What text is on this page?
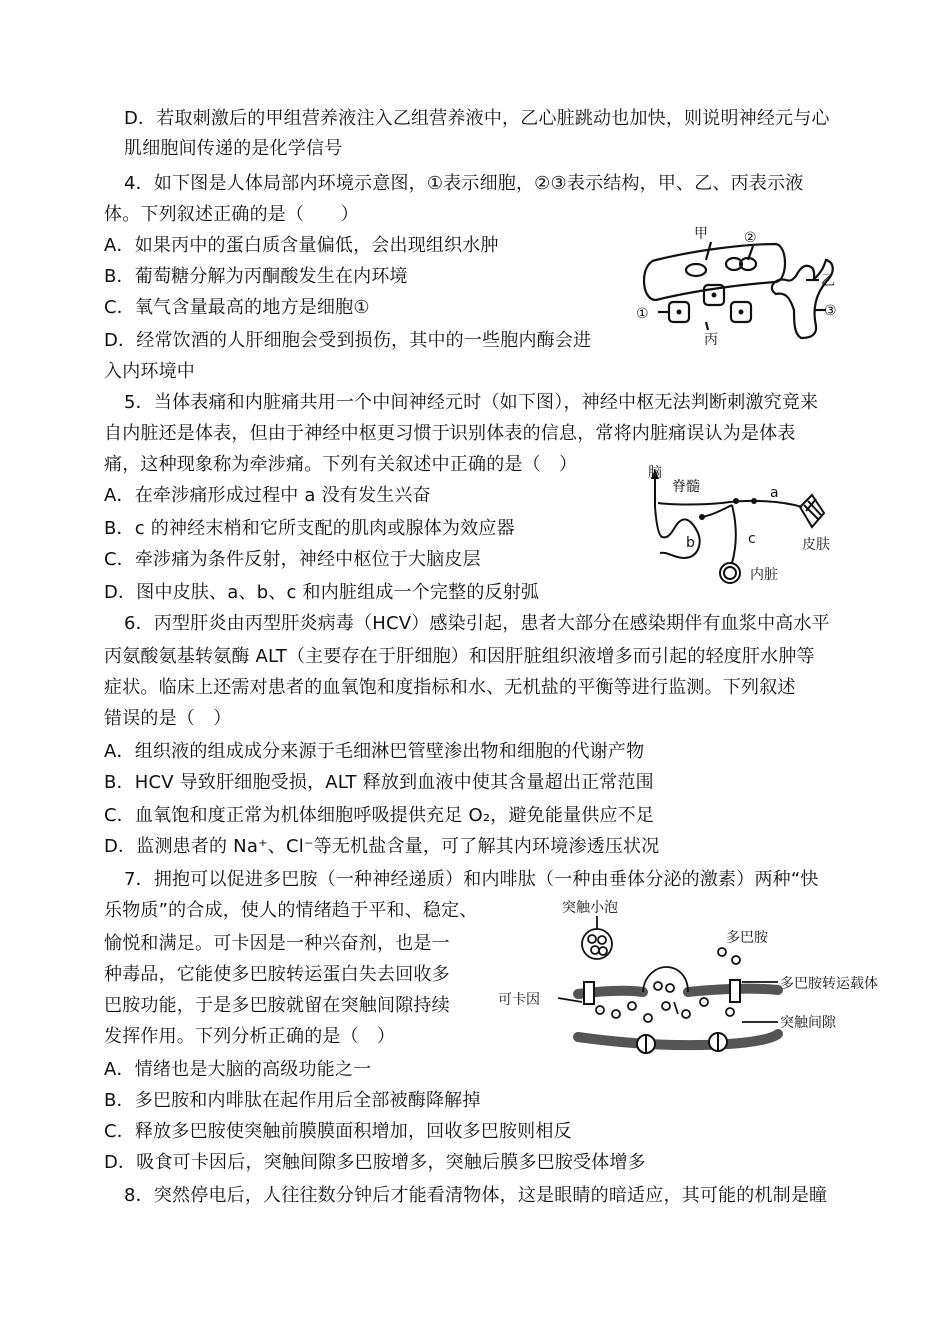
D．若取刺激后的甲组营养液注入乙组营养液中，乙心脏跳动也加快，则说明神经元与心
肌细胞间传递的是化学信号
4．如下图是人体局部内环境示意图，①表示细胞，②③表示结构，甲、乙、丙表示液
体。下列叙述正确的是（　　）
A．如果丙中的蛋白质含量偏低，会出现组织水肿
B．葡萄糖分解为丙酮酸发生在内环境
C．氧气含量最高的地方是细胞①
D．经常饮酒的人肝细胞会受到损伤，其中的一些胞内酶会进
入内环境中
5．当体表痛和内脏痛共用一个中间神经元时（如下图），神经中枢无法判断刺激究竟来
自内脏还是体表，但由于神经中枢更习惯于识别体表的信息，常将内脏痛误认为是体表
痛，这种现象称为牵涉痛。下列有关叙述中正确的是（　）
A．在牵涉痛形成过程中 a 没有发生兴奋
B．c 的神经末梢和它所支配的肌肉或腺体为效应器
C．牵涉痛为条件反射，神经中枢位于大脑皮层
D．图中皮肤、a、b、c 和内脏组成一个完整的反射弧
6．丙型肝炎由丙型肝炎病毒（HCV）感染引起，患者大部分在感染期伴有血浆中高水平
丙氨酸氨基转氨酶 ALT（主要存在于肝细胞）和因肝脏组织液增多而引起的轻度肝水肿等
症状。临床上还需对患者的血氧饱和度指标和水、无机盐的平衡等进行监测。下列叙述
错误的是（　）
A．组织液的组成成分来源于毛细淋巴管壁渗出物和细胞的代谢产物
B．HCV 导致肝细胞受损，ALT 释放到血液中使其含量超出正常范围
C．血氧饱和度正常为机体细胞呼吸提供充足 O₂，避免能量供应不足
D．监测患者的 Na⁺、Cl⁻等无机盐含量，可了解其内环境渗透压状况
7．拥抱可以促进多巴胺（一种神经递质）和内啡肽（一种由垂体分泌的激素）两种“快
乐物质”的合成，使人的情绪趋于平和、稳定、
愉悦和满足。可卡因是一种兴奋剂，也是一
种毒品，它能使多巴胺转运蛋白失去回收多
巴胺功能，于是多巴胺就留在突触间隙持续
发挥作用。下列分析正确的是（　）
A．情绪也是大脑的高级功能之一
B．多巴胺和内啡肽在起作用后全部被酶降解掉
C．释放多巴胺使突触前膜膜面积增加，回收多巴胺则相反
D．吸食可卡因后，突触间隙多巴胺增多，突触后膜多巴胺受体增多
8．突然停电后，人往往数分钟后才能看清物体，这是眼睛的暗适应，其可能的机制是瞳
甲	②
①
丙
乙
③
脑
脊髓	a
b	c	皮肤
内脏
突触小泡
多巴胺
可卡因
多巴胺转运载体
突触间隙
